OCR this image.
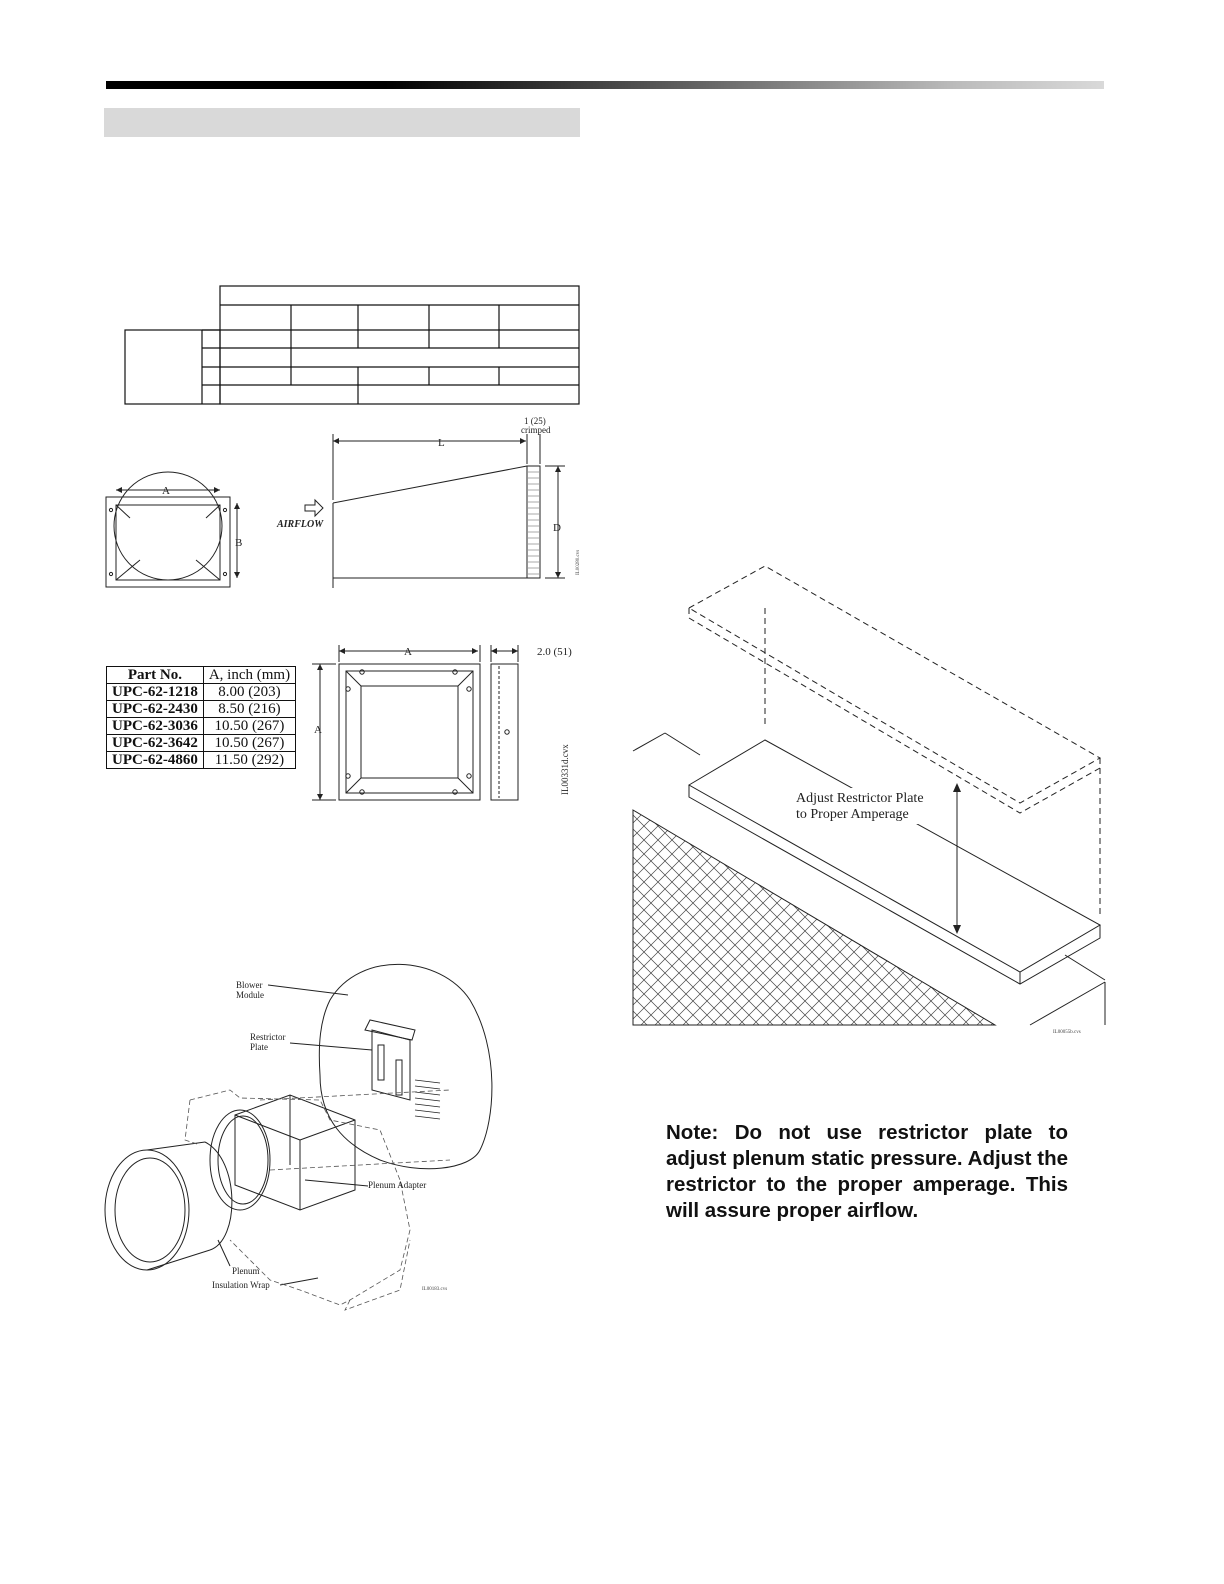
A
B
L
D
AIRFLOW
1 (25)
crimped
IL00280.cvs
A
A
2.0 (51)
IL00331d.cvx
Part No.	A, inch (mm)
UPC-62-1218	8.00 (203)
UPC-62-2430	8.50 (216)
UPC-62-3036	10.50 (267)
UPC-62-3642	10.50 (267)
UPC-62-4860	11.50 (292)
Blower
Module
Restrictor
Plate
Plenum Adapter
Plenum
Insulation Wrap	IL00183.cvs
Adjust Restrictor Plate
to Proper Amperage
IL00055b.cvs
Note: Do not use restrictor plate to adjust plenum static pressure. Adjust the restrictor to the proper amperage. This will assure proper airflow.
